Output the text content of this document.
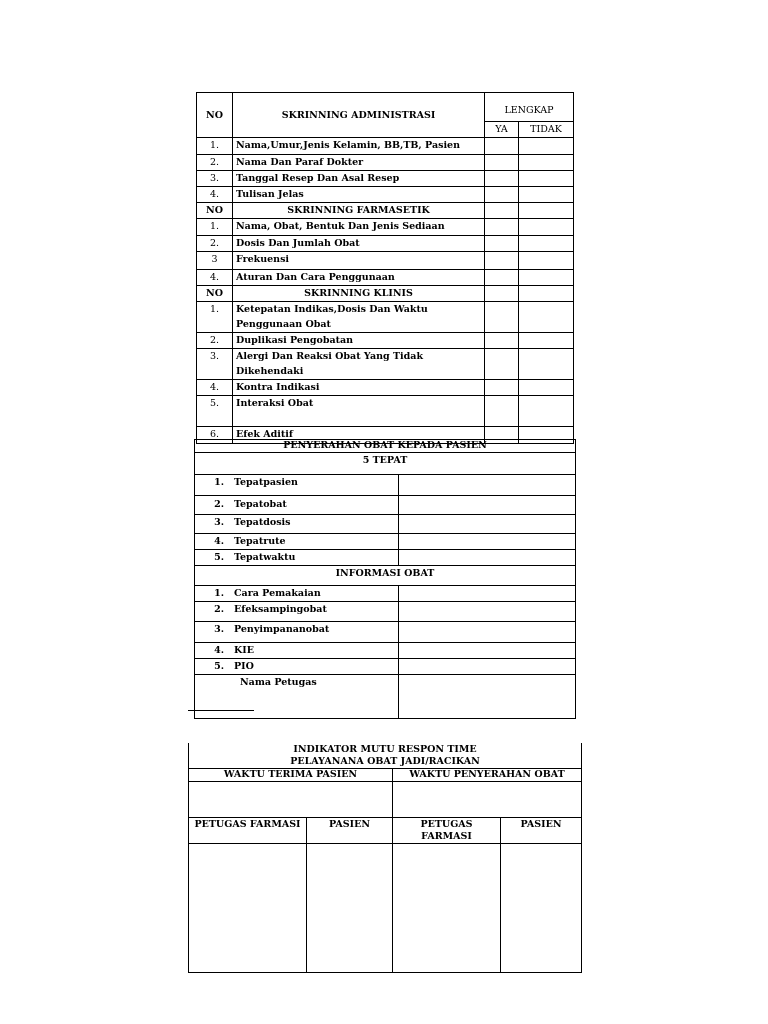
NO	SKRINNING ADMINISTRASI	LENGKAP	
		YA	TIDAK
1.	Nama,Umur,Jenis Kelamin, BB,TB, Pasien		
2.	Nama Dan Paraf Dokter		
3.	Tanggal Resep Dan Asal Resep		
4.	Tulisan Jelas		
NO	SKRINNING FARMASETIK		
1.	Nama, Obat, Bentuk Dan Jenis Sediaan		
2.	Dosis Dan Jumlah Obat		
3	Frekuensi		
4.	Aturan Dan Cara Penggunaan		
NO	SKRINNING KLINIS		
1.	Ketepatan Indikas,Dosis Dan Waktu Penggunaan Obat		
2.	Duplikasi Pengobatan		
3.	Alergi Dan Reaksi Obat Yang Tidak Dikehendaki		
4.	Kontra Indikasi		
5.	Interaksi Obat		
6.	Efek Aditif		
PENYERAHAN OBAT KEPADA PASIEN	
5 TEPAT	
1. Tepatpasien	
2. Tepatobat	
3. Tepatdosis	
4. Tepatrute	
5. Tepatwaktu	
INFORMASI OBAT	
1. Cara Pemakaian	
2. Efeksampingobat	
3. Penyimpananobat	
4. KIE	
5. PIO	
Nama Petugas	
INDIKATOR MUTU RESPON TIME
PELAYANANA OBAT JADI/RACIKAN			

WAKTU TERIMA PASIEN		WAKTU PENYERAHAN OBAT	

PETUGAS FARMASI	PASIEN	PETUGAS FARMASI	PASIEN
